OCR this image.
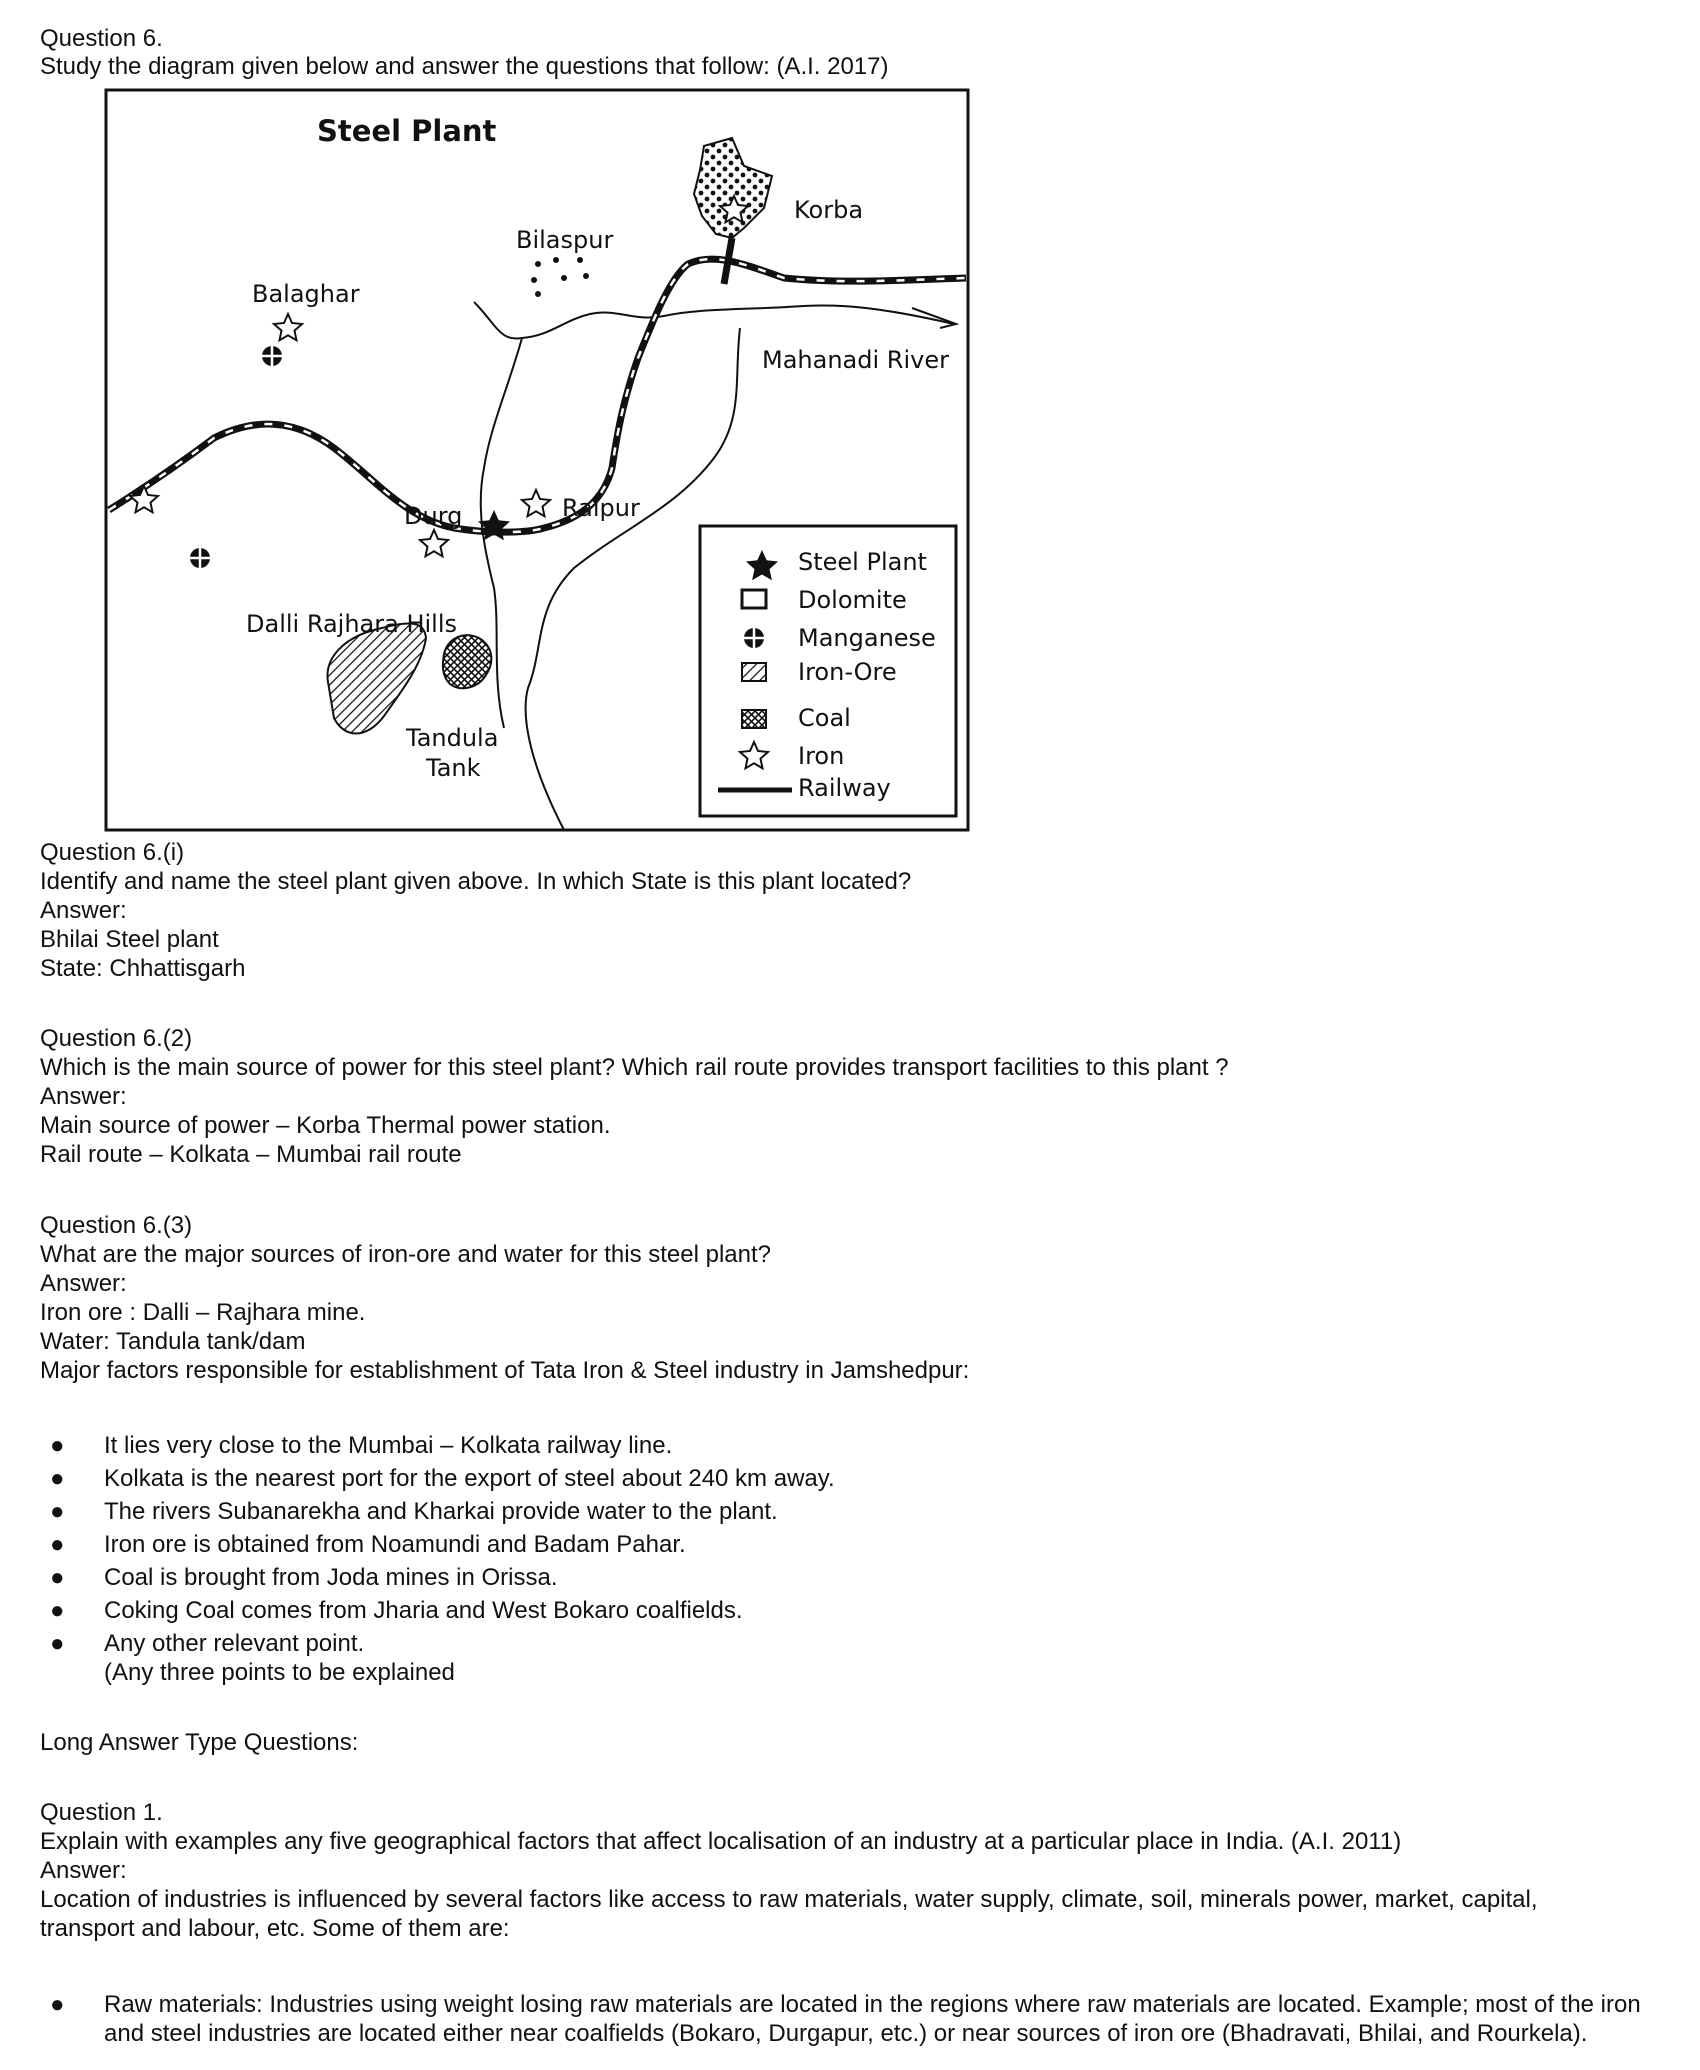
Question 6.
Study the diagram given below and answer the questions that follow: (A.I. 2017)
Steel Plant
Korba
Bilaspur
Balaghar
Mahanadi River
Durg	Raipur
Dalli Rajhara Hills
Tandula
Tank
Steel Plant
Dolomite
Manganese
Iron-Ore
Coal
Iron
Railway
Question 6.(i)
Identify and name the steel plant given above. In which State is this plant located?
Answer:
Bhilai Steel plant
State: Chhattisgarh
Question 6.(2)
Which is the main source of power for this steel plant? Which rail route provides transport facilities to this plant ?
Answer:
Main source of power – Korba Thermal power station.
Rail route – Kolkata – Mumbai rail route
Question 6.(3)
What are the major sources of iron-ore and water for this steel plant?
Answer:
Iron ore : Dalli – Rajhara mine.
Water: Tandula tank/dam
Major factors responsible for establishment of Tata Iron & Steel industry in Jamshedpur:
● It lies very close to the Mumbai – Kolkata railway line.
● Kolkata is the nearest port for the export of steel about 240 km away.
● The rivers Subanarekha and Kharkai provide water to the plant.
● Iron ore is obtained from Noamundi and Badam Pahar.
● Coal is brought from Joda mines in Orissa.
● Coking Coal comes from Jharia and West Bokaro coalfields.
● Any other relevant point.
(Any three points to be explained
Long Answer Type Questions:
Question 1.
Explain with examples any five geographical factors that affect localisation of an industry at a particular place in India. (A.I. 2011)
Answer:
Location of industries is influenced by several factors like access to raw materials, water supply, climate, soil, minerals power, market, capital, transport and labour, etc. Some of them are:
● Raw materials: Industries using weight losing raw materials are located in the regions where raw materials are located. Example; most of the iron and steel industries are located either near coalfields (Bokaro, Durgapur, etc.) or near sources of iron ore (Bhadravati, Bhilai, and Rourkela).
